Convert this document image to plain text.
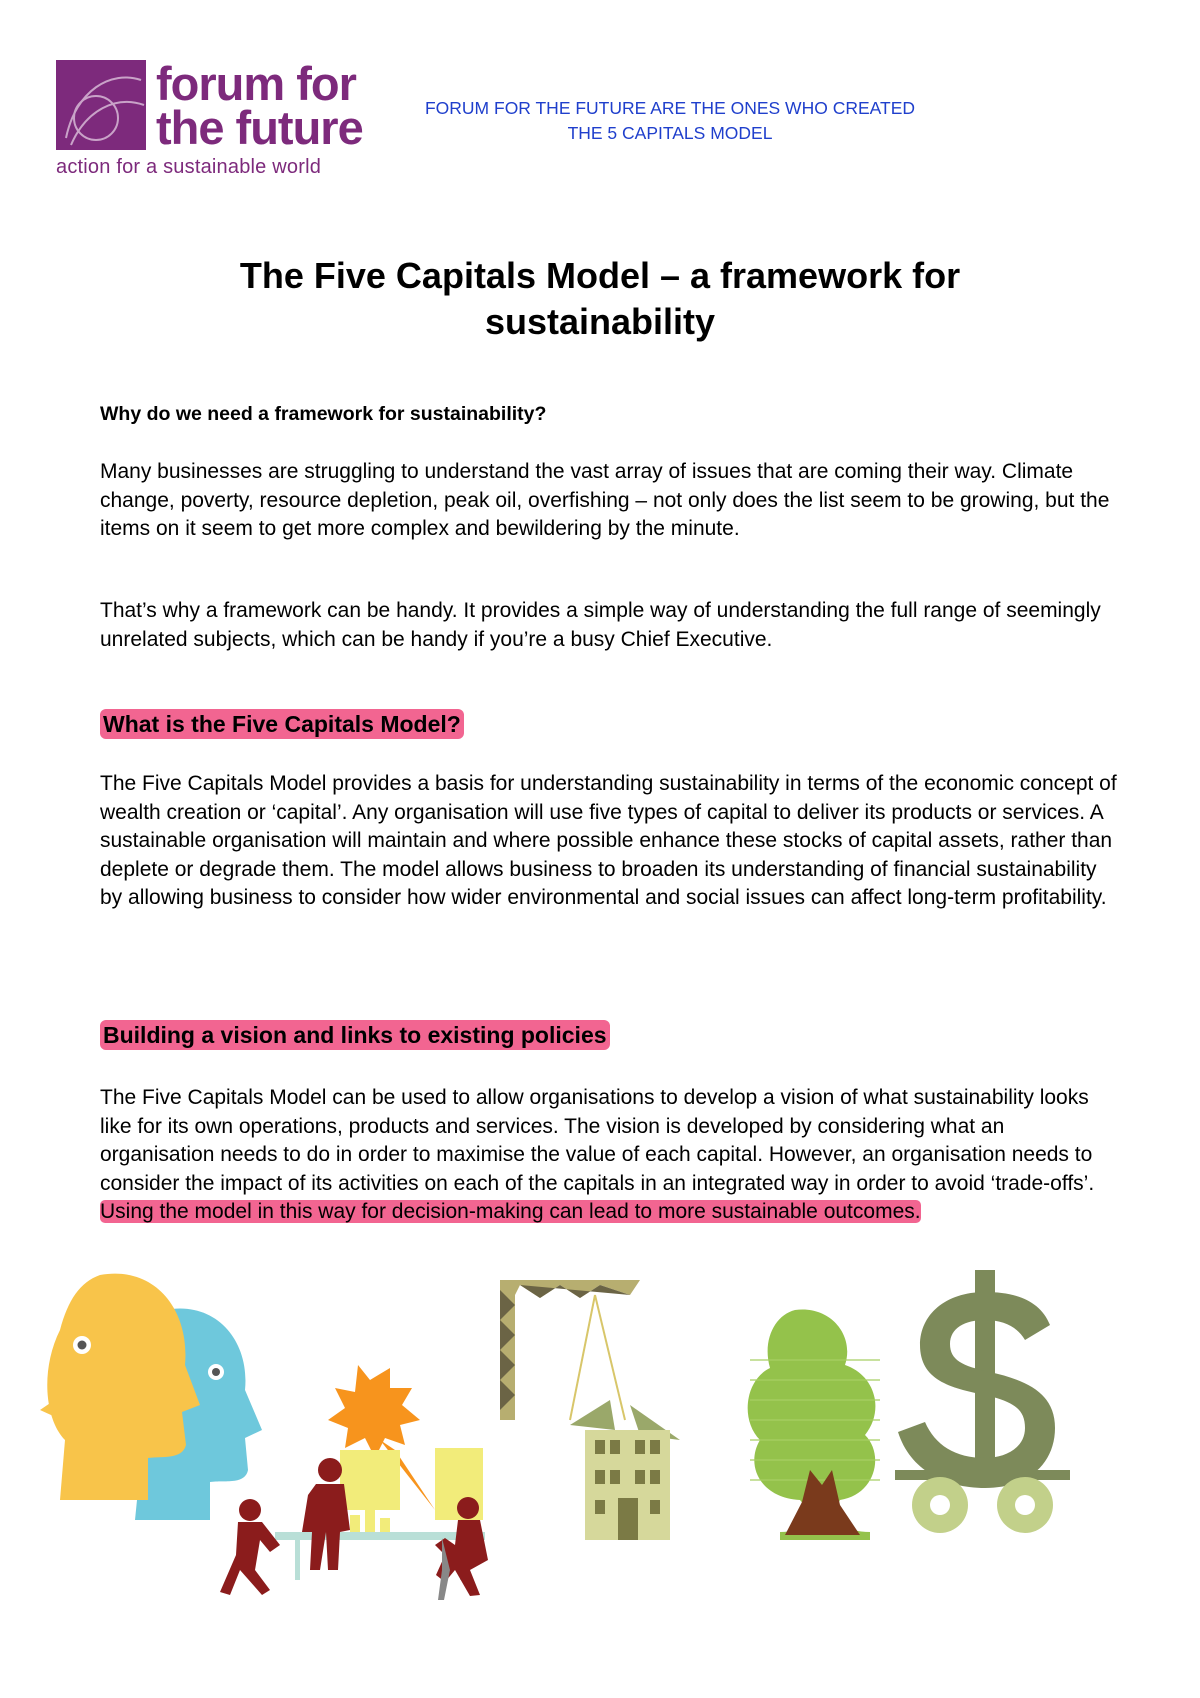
forum for
the future
action for a sustainable world
FORUM FOR THE FUTURE ARE THE ONES WHO CREATED
THE 5 CAPITALS MODEL
The Five Capitals Model – a framework for
sustainability
Why do we need a framework for sustainability?

Many businesses are struggling to understand the vast array of issues that are coming their way. Climate change, poverty, resource depletion, peak oil, overfishing – not only does the list seem to be growing, but the items on it seem to get more complex and bewildering by the minute.

That’s why a framework can be handy. It provides a simple way of understanding the full range of seemingly unrelated subjects, which can be handy if you’re a busy Chief Executive.

What is the Five Capitals Model?

The Five Capitals Model provides a basis for understanding sustainability in terms of the economic concept of wealth creation or ‘capital’. Any organisation will use five types of capital to deliver its products or services. A sustainable organisation will maintain and where possible enhance these stocks of capital assets, rather than deplete or degrade them. The model allows business to broaden its understanding of financial sustainability by allowing business to consider how wider environmental and social issues can affect long-term profitability.

Building a vision and links to existing policies

The Five Capitals Model can be used to allow organisations to develop a vision of what sustainability looks like for its own operations, products and services. The vision is developed by considering what an organisation needs to do in order to maximise the value of each capital. However, an organisation needs to consider the impact of its activities on each of the capitals in an integrated way in order to avoid ‘trade-offs’. Using the model in this way for decision-making can lead to more sustainable outcomes.
